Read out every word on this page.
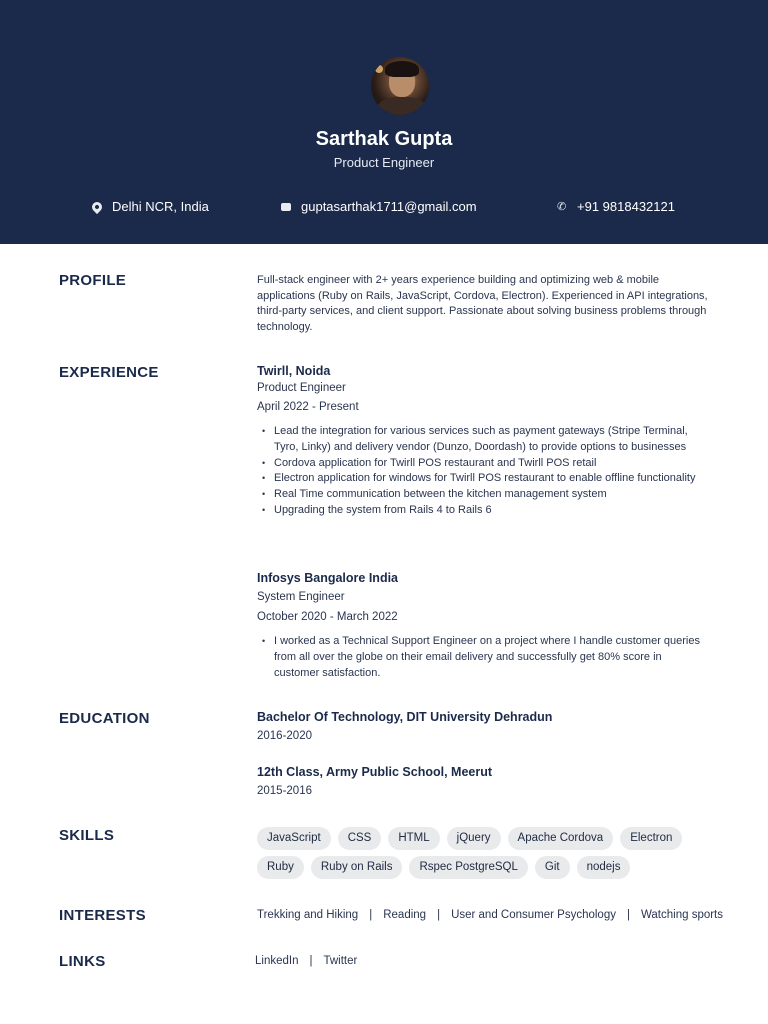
Sarthak Gupta
Product Engineer
Delhi NCR, India	guptasarthak1711@gmail.com	✆ +91 9818432121
PROFILE	Full-stack engineer with 2+ years experience building and optimizing web & mobile applications (Ruby on Rails, JavaScript, Cordova, Electron). Experienced in API integrations, third-party services, and client support. Passionate about solving business problems through technology.
EXPERIENCE	Twirll, Noida
Product Engineer
April 2022 - Present
• Lead the integration for various services such as payment gateways (Stripe Terminal, Tyro, Linky) and delivery vendor (Dunzo, Doordash) to provide options to businesses
• Cordova application for Twirll POS restaurant and Twirll POS retail
• Electron application for windows for Twirll POS restaurant to enable offline functionality
• Real Time communication between the kitchen management system
• Upgrading the system from Rails 4 to Rails 6
Infosys Bangalore India
System Engineer
October 2020 - March 2022
• I worked as a Technical Support Engineer on a project where I handle customer queries from all over the globe on their email delivery and successfully get 80% score in customer satisfaction.
EDUCATION	Bachelor Of Technology, DIT University Dehradun
2016-2020
12th Class, Army Public School, Meerut
2015-2016
SKILLS	JavaScript	CSS	HTML	jQuery	Apache Cordova	Electron
Ruby	Ruby on Rails	Rspec PostgreSQL	Git	nodejs
INTERESTS	Trekking and Hiking | Reading | User and Consumer Psychology | Watching sports
LINKS	LinkedIn | Twitter
